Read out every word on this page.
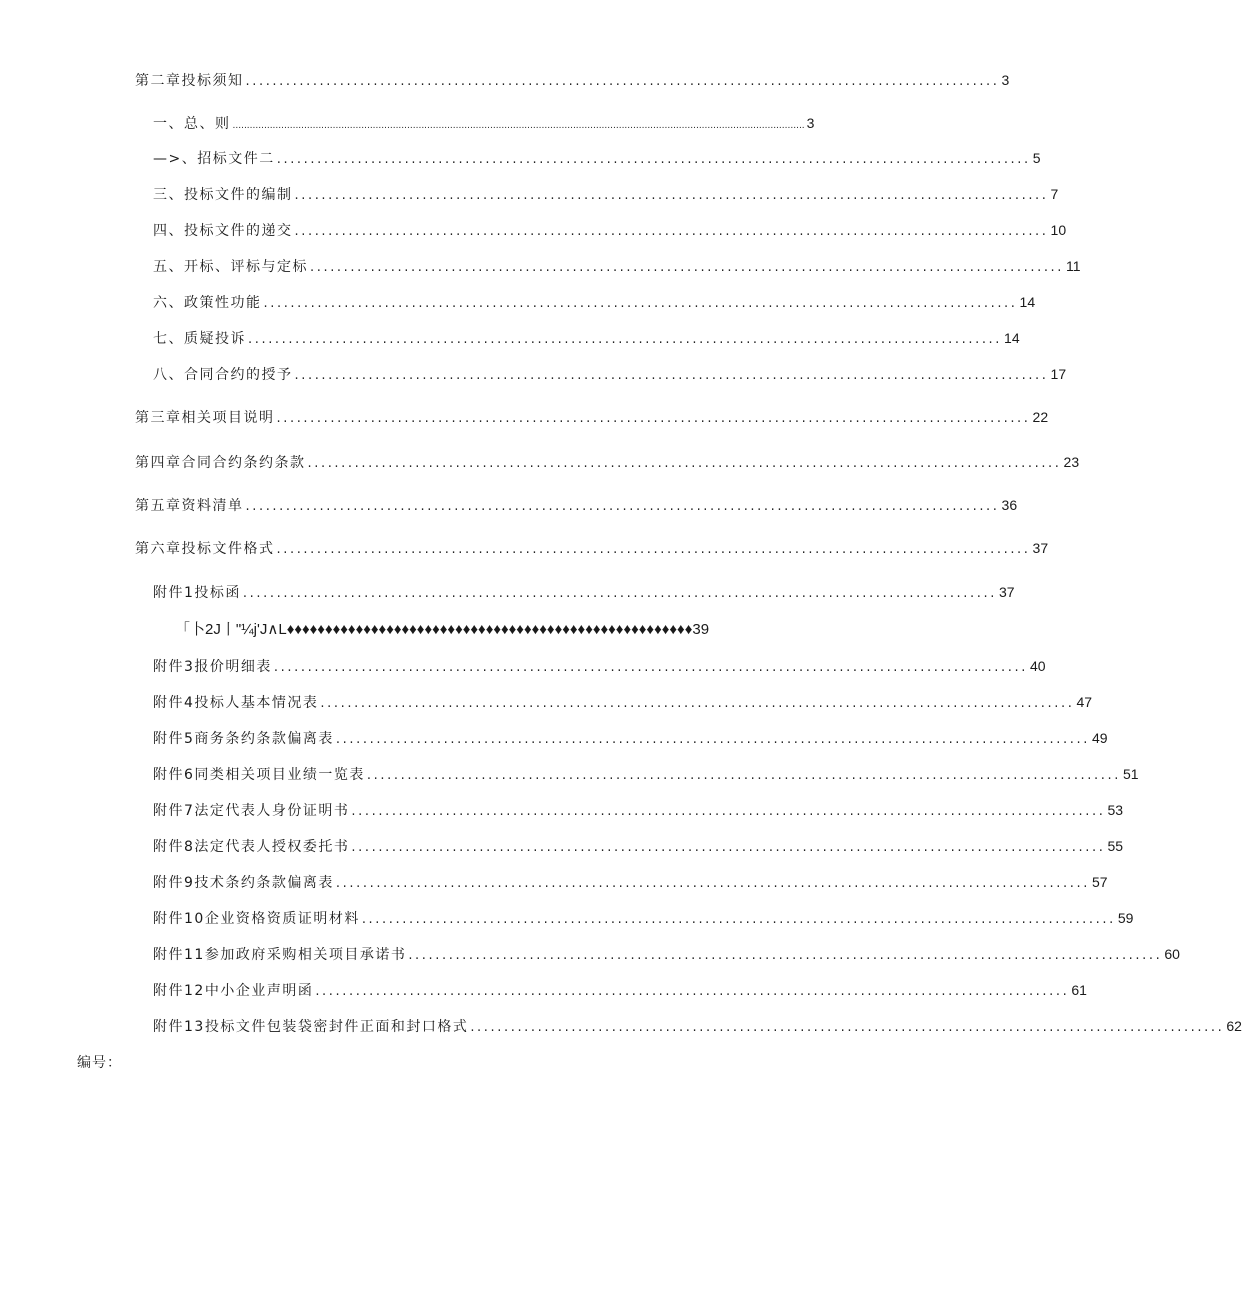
第二章投标须知 ................................................................................................................ 3
一、总、则 ........................................................................................................................................................................................................ 3
—>、招标文件二 ................................................................................................................ 5
三、投标文件的编制 ................................................................................................................ 7
四、投标文件的递交 ................................................................................................................ 10
五、开标、评标与定标 ................................................................................................................ 11
六、政策性功能 ................................................................................................................ 14
七、质疑投诉 ................................................................................................................ 14
八、合同合约的授予 ................................................................................................................ 17
第三章相关项目说明 ................................................................................................................ 22
第四章合同合约条约条款 ................................................................................................................ 23
第五章资料清单 ................................................................................................................ 36
第六章投标文件格式 ................................................................................................................ 37
附件1投标函 ................................................................................................................ 37
「卜2J丨"¼j'J∧L♦♦♦♦♦♦♦♦♦♦♦♦♦♦♦♦♦♦♦♦♦♦♦♦♦♦♦♦♦♦♦♦♦♦♦♦♦♦♦♦♦♦♦♦♦♦♦♦♦♦♦♦♦39
附件3报价明细表 ................................................................................................................ 40
附件4投标人基本情况表 ................................................................................................................ 47
附件5商务条约条款偏离表 ................................................................................................................ 49
附件6同类相关项目业绩一览表 ................................................................................................................ 51
附件7法定代表人身份证明书 ................................................................................................................ 53
附件8法定代表人授权委托书 ................................................................................................................ 55
附件9技术条约条款偏离表 ................................................................................................................ 57
附件10企业资格资质证明材料 ................................................................................................................ 59
附件11参加政府采购相关项目承诺书 ................................................................................................................ 60
附件12中小企业声明函 ................................................................................................................ 61
附件13投标文件包装袋密封件正面和封口格式 ................................................................................................................ 62
编号：
